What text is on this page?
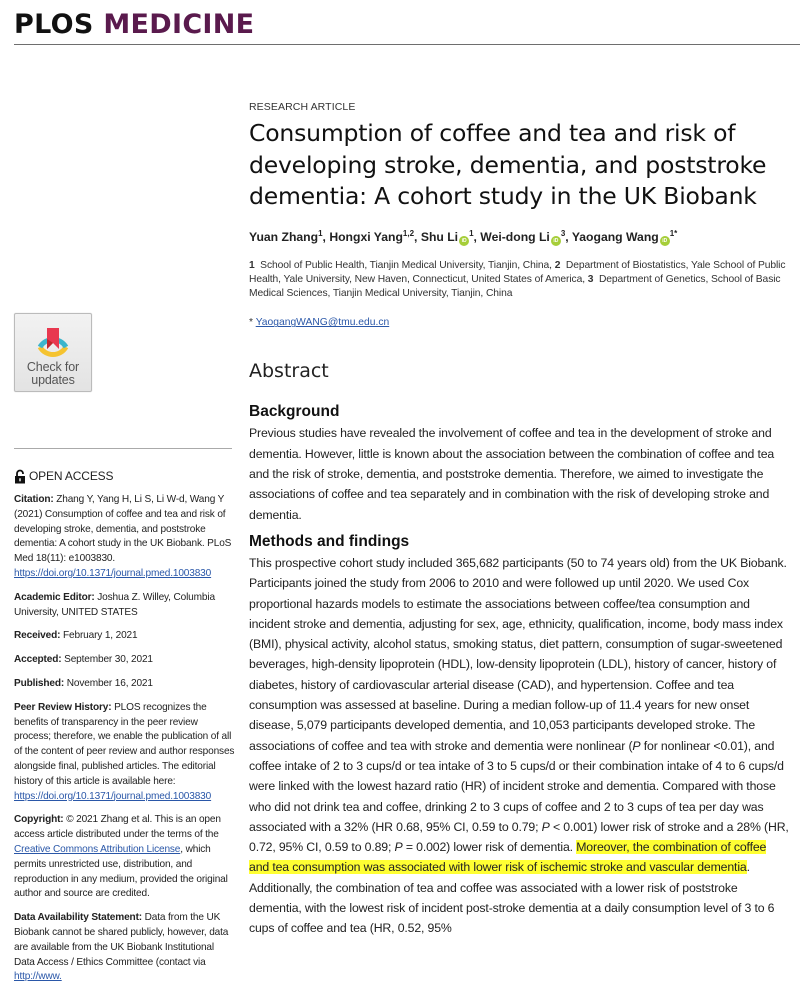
PLOS MEDICINE
Check for
updates
OPEN ACCESS
Citation: Zhang Y, Yang H, Li S, Li W-d, Wang Y (2021) Consumption of coffee and tea and risk of developing stroke, dementia, and poststroke dementia: A cohort study in the UK Biobank. PLoS Med 18(11): e1003830. https://doi.org/10.1371/journal.pmed.1003830
Academic Editor: Joshua Z. Willey, Columbia University, UNITED STATES
Received: February 1, 2021
Accepted: September 30, 2021
Published: November 16, 2021
Peer Review History: PLOS recognizes the benefits of transparency in the peer review process; therefore, we enable the publication of all of the content of peer review and author responses alongside final, published articles. The editorial history of this article is available here: https://doi.org/10.1371/journal.pmed.1003830
Copyright: © 2021 Zhang et al. This is an open access article distributed under the terms of the Creative Commons Attribution License, which permits unrestricted use, distribution, and reproduction in any medium, provided the original author and source are credited.
Data Availability Statement: Data from the UK Biobank cannot be shared publicly, however, data are available from the UK Biobank Institutional Data Access / Ethics Committee (contact via http://www.
RESEARCH ARTICLE
Consumption of coffee and tea and risk of developing stroke, dementia, and poststroke dementia: A cohort study in the UK Biobank
Yuan Zhang$^1$, Hongxi Yang$^{1,2}$, Shu Li $iD^1$, Wei-dong Li $iD^3$, Yaogang Wang $iD^{1*}$
1 School of Public Health, Tianjin Medical University, Tianjin, China, 2 Department of Biostatistics, Yale School of Public Health, Yale University, New Haven, Connecticut, United States of America, 3 Department of Genetics, School of Basic Medical Sciences, Tianjin Medical University, Tianjin, China
* YaogangWANG@tmu.edu.cn
Abstract
Background
Previous studies have revealed the involvement of coffee and tea in the development of stroke and dementia. However, little is known about the association between the combination of coffee and tea and the risk of stroke, dementia, and poststroke dementia. Therefore, we aimed to investigate the associations of coffee and tea separately and in combination with the risk of developing stroke and dementia.
Methods and findings
This prospective cohort study included 365,682 participants (50 to 74 years old) from the UK Biobank. Participants joined the study from 2006 to 2010 and were followed up until 2020. We used Cox proportional hazards models to estimate the associations between coffee/tea consumption and incident stroke and dementia, adjusting for sex, age, ethnicity, qualification, income, body mass index (BMI), physical activity, alcohol status, smoking status, diet pattern, consumption of sugar-sweetened beverages, high-density lipoprotein (HDL), low-density lipoprotein (LDL), history of cancer, history of diabetes, history of cardiovascular arterial disease (CAD), and hypertension. Coffee and tea consumption was assessed at baseline. During a median follow-up of 11.4 years for new onset disease, 5,079 participants developed dementia, and 10,053 participants developed stroke. The associations of coffee and tea with stroke and dementia were nonlinear (P for nonlinear <0.01), and coffee intake of 2 to 3 cups/d or tea intake of 3 to 5 cups/d or their combination intake of 4 to 6 cups/d were linked with the lowest hazard ratio (HR) of incident stroke and dementia. Compared with those who did not drink tea and coffee, drinking 2 to 3 cups of coffee and 2 to 3 cups of tea per day was associated with a 32% (HR 0.68, 95% CI, 0.59 to 0.79; P < 0.001) lower risk of stroke and a 28% (HR, 0.72, 95% CI, 0.59 to 0.89; P = 0.002) lower risk of dementia. Moreover, the combination of coffee and tea consumption was associated with lower risk of ischemic stroke and vascular dementia. Additionally, the combination of tea and coffee was associated with a lower risk of poststroke dementia, with the lowest risk of incident post-stroke dementia at a daily consumption level of 3 to 6 cups of coffee and tea (HR, 0.52, 95%
